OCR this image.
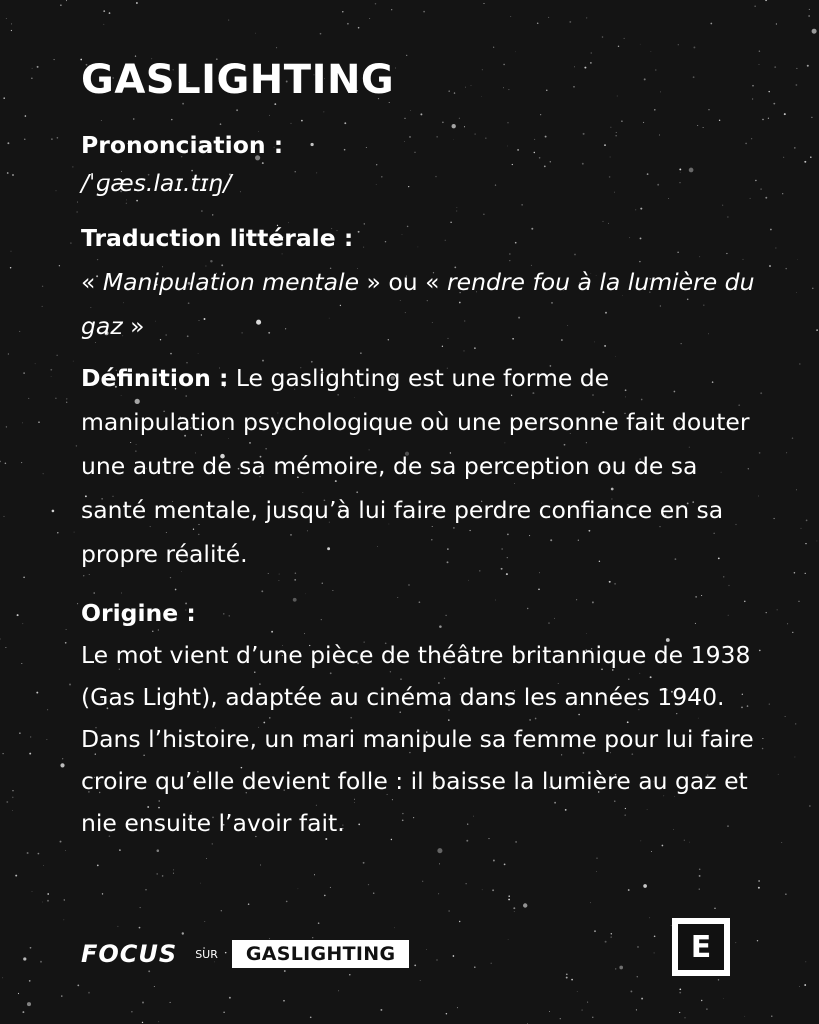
GASLIGHTING
Prononciation :
/ˈɡæs.laɪ.tɪŋ/
Traduction littérale :
« Manipulation mentale » ou « rendre fou à la lumière du gaz »
Définition : Le gaslighting est une forme de manipulation psychologique où une personne fait douter une autre de sa mémoire, de sa perception ou de sa santé mentale, jusqu’à lui faire perdre confiance en sa propre réalité.
Origine :
Le mot vient d’une pièce de théâtre britannique de 1938 (Gas Light), adaptée au cinéma dans les années 1940. Dans l’histoire, un mari manipule sa femme pour lui faire croire qu’elle devient folle : il baisse la lumière au gaz et nie ensuite l’avoir fait.
FOCUS SUR	GASLIGHTING	E
